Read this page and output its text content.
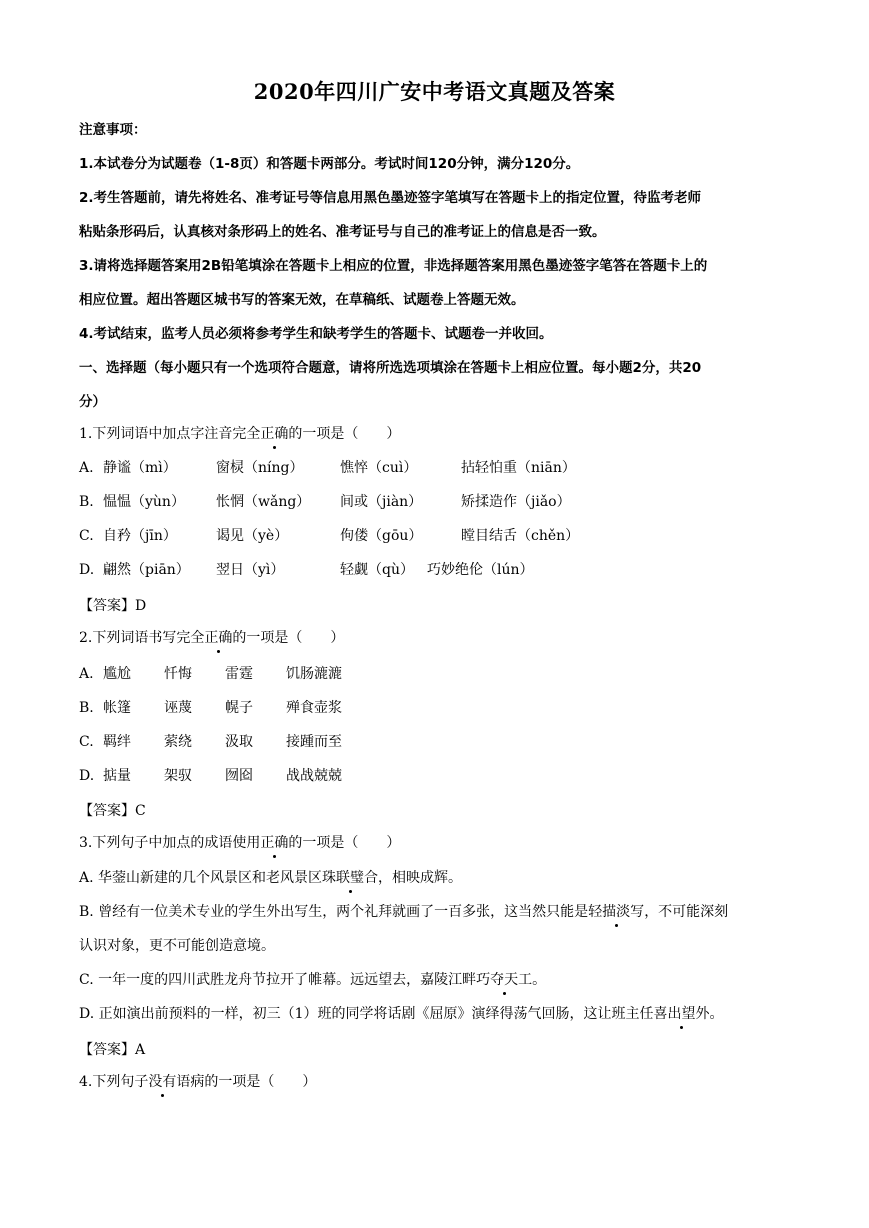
2020年四川广安中考语文真题及答案
注意事项：
1.本试卷分为试题卷（1-8页）和答题卡两部分。考试时间120分钟，满分120分。
2.考生答题前，请先将姓名、准考证号等信息用黑色墨迹签字笔填写在答题卡上的指定位置，待监考老师
粘贴条形码后，认真核对条形码上的姓名、准考证号与自己的准考证上的信息是否一致。
3.请将选择题答案用2B铅笔填涂在答题卡上相应的位置，非选择题答案用黑色墨迹签字笔答在答题卡上的
相应位置。超出答题区城书写的答案无效，在草稿纸、试题卷上答题无效。
4.考试结束，监考人员必须将参考学生和缺考学生的答题卡、试题卷一并收回。
一、选择题（每小题只有一个选项符合题意，请将所选选项填涂在答题卡上相应位置。每小题2分，共20
分）
1.下列词语中加点字注音完全正确的一项是（　　）
A. 静谧（mì）	窗棂（níng）	憔悴（cuì）	拈轻怕重（niān）
B. 愠愠（yùn） 怅惘（wǎng） 间或（jiàn）	矫揉造作（jiǎo）
C. 自矜（jīn）	谒见（yè）	佝偻（gōu）	瞠目结舌（chěn）
D. 翩然（piān） 翌日（yì）	轻觑（qù） 巧妙绝伦（lún）
【答案】D
2.下列词语书写完全正确的一项是（　　）
A. 尴尬 忏悔 雷霆 饥肠漉漉
B. 帐篷 诬蔑 幌子 殚食壶浆
C. 羁绊 萦绕 汲取 接踵而至
D. 掂量 架驭 囫囵 战战兢兢
【答案】C
3.下列句子中加点的成语使用正确的一项是（　　）
A. 华蓥山新建的几个风景区和老风景区珠联璧合，相映成辉。
B. 曾经有一位美术专业的学生外出写生，两个礼拜就画了一百多张，这当然只能是轻描淡写，不可能深刻
认识对象，更不可能创造意境。
C. 一年一度的四川武胜龙舟节拉开了帷幕。远远望去，嘉陵江畔巧夺天工。
D. 正如演出前预料的一样，初三（1）班的同学将话剧《屈原》演绎得荡气回肠，这让班主任喜出望外。
【答案】A
4.下列句子没有语病的一项是（　　）
